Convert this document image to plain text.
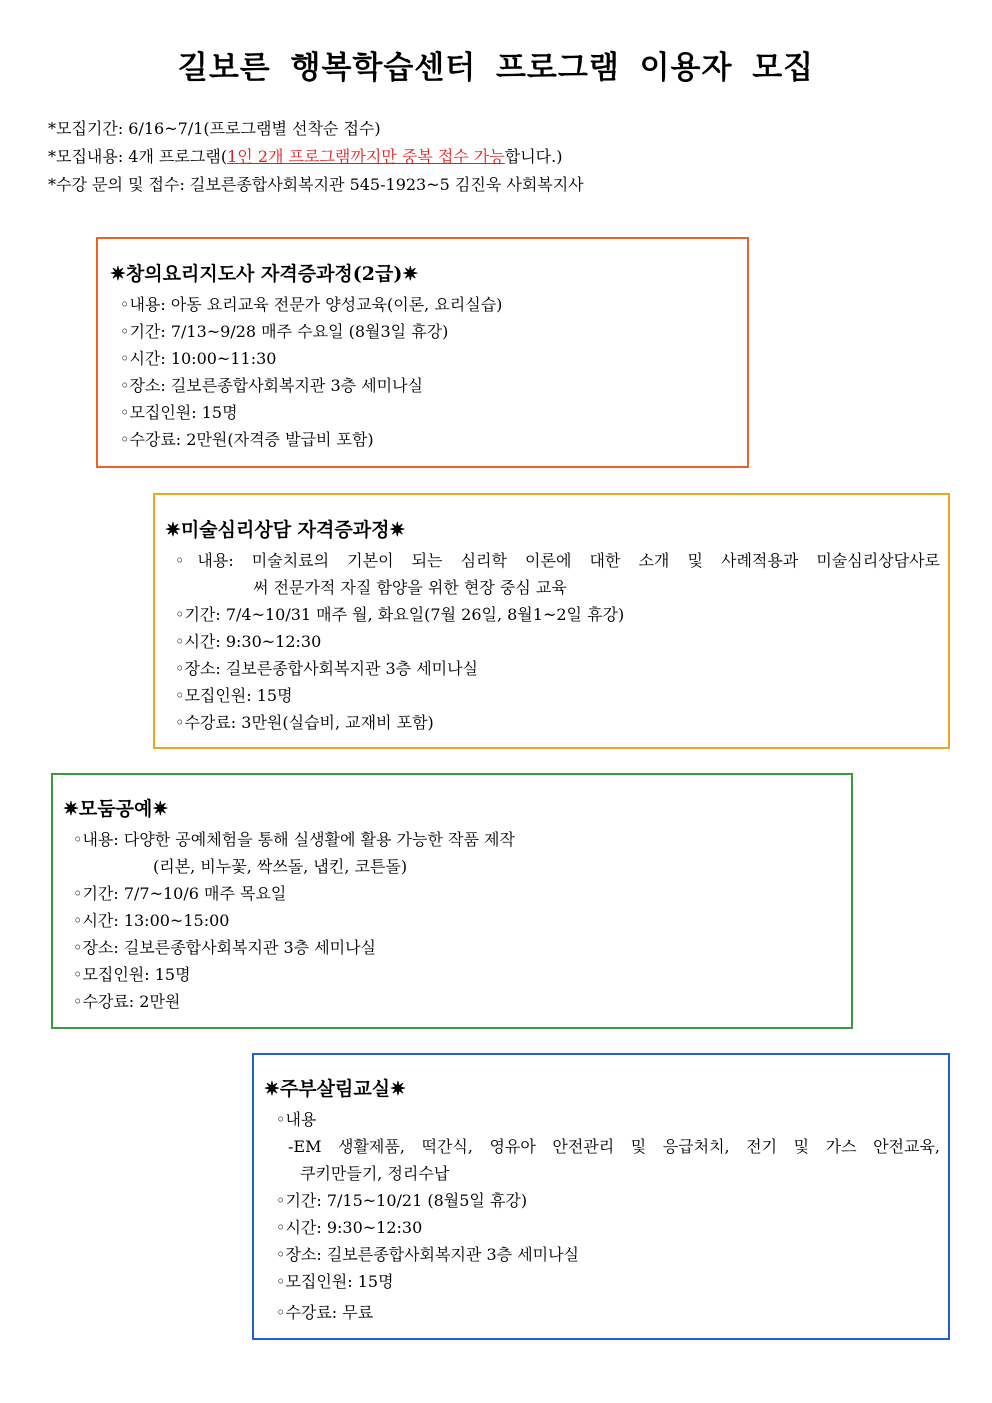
길보른 행복학습센터 프로그램 이용자 모집
*모집기간: 6/16~7/1(프로그램별 선착순 접수)
*모집내용: 4개 프로그램(1인 2개 프로그램까지만 중복 접수 가능합니다.)
*수강 문의 및 접수: 길보른종합사회복지관 545-1923~5 김진욱 사회복지사
✷창의요리지도사 자격증과정(2급)✷
◦내용: 아동 요리교육 전문가 양성교육(이론, 요리실습)
◦기간: 7/13~9/28 매주 수요일 (8월3일 휴강)
◦시간: 10:00~11:30
◦장소: 길보른종합사회복지관 3층 세미나실
◦모집인원: 15명
◦수강료: 2만원(자격증 발급비 포함)
✷미술심리상담 자격증과정✷
◦내용: 미술치료의 기본이 되는 심리학 이론에 대한 소개 및 사례적용과 미술심리상담사로
써 전문가적 자질 함양을 위한 현장 중심 교육
◦기간: 7/4~10/31 매주 월, 화요일(7월 26일, 8월1~2일 휴강)
◦시간: 9:30~12:30
◦장소: 길보른종합사회복지관 3층 세미나실
◦모집인원: 15명
◦수강료: 3만원(실습비, 교재비 포함)
✷모둠공예✷
◦내용: 다양한 공예체험을 통해 실생활에 활용 가능한 작품 제작
(리본, 비누꽃, 싹쓰돌, 냅킨, 코튼돌)
◦기간: 7/7~10/6 매주 목요일
◦시간: 13:00~15:00
◦장소: 길보른종합사회복지관 3층 세미나실
◦모집인원: 15명
◦수강료: 2만원
✷주부살림교실✷
◦내용
-EM 생활제품, 떡간식, 영유아 안전관리 및 응급처치, 전기 및 가스 안전교육,
쿠키만들기, 정리수납
◦기간: 7/15~10/21 (8월5일 휴강)
◦시간: 9:30~12:30
◦장소: 길보른종합사회복지관 3층 세미나실
◦모집인원: 15명
◦수강료: 무료
